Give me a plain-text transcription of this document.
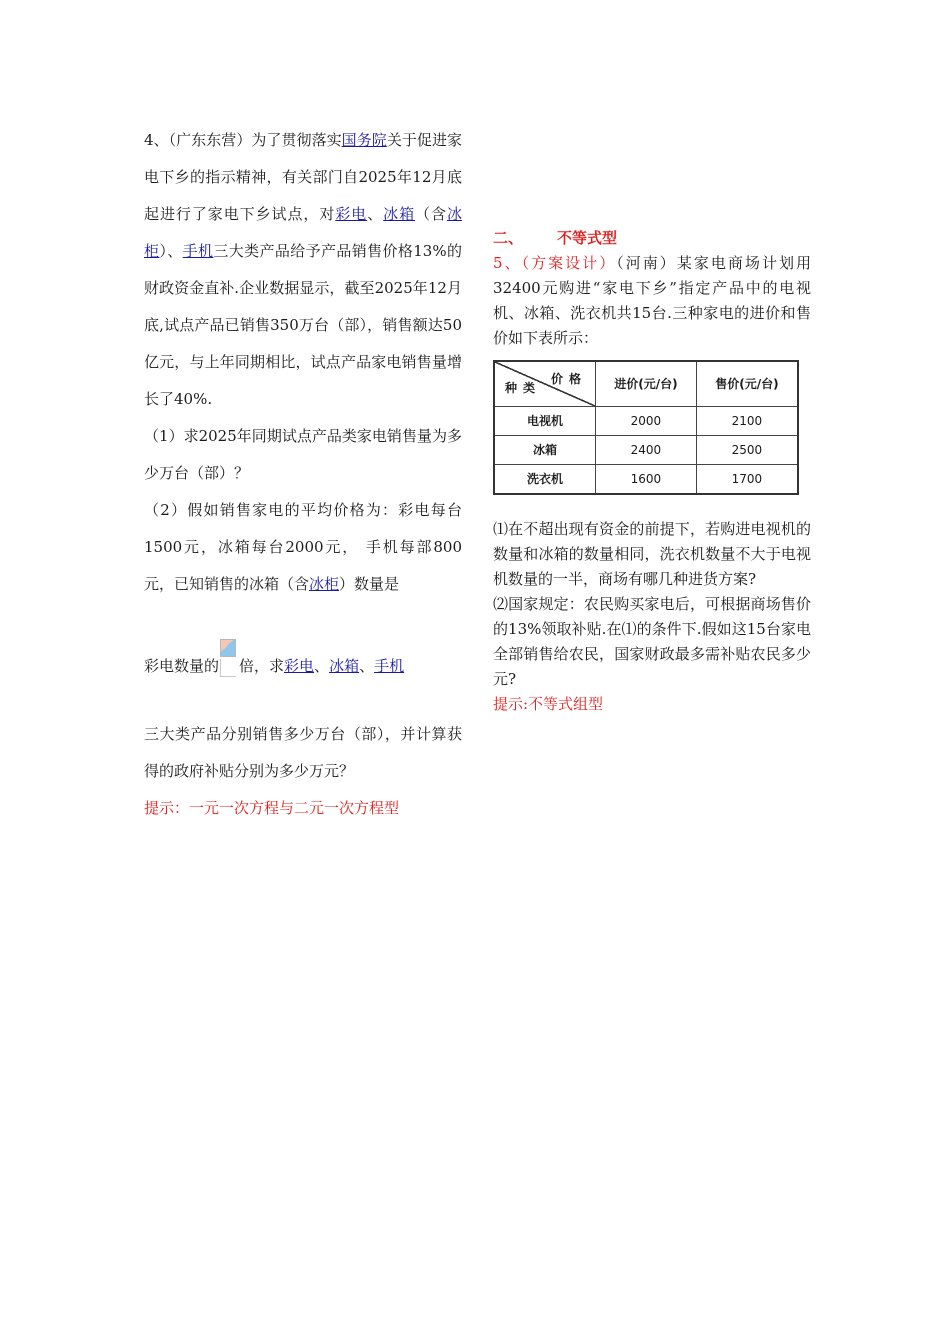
4、（广东东营）为了贯彻落实国务院关于促进家电下乡的指示精神，有关部门自2025年12月底起进行了家电下乡试点，对彩电、冰箱（含冰柜）、手机三大类产品给予产品销售价格13%的财政资金直补.企业数据显示，截至2025年12月底,试点产品已销售350万台（部），销售额达50亿元，与上年同期相比，试点产品家电销售量增长了40%.

（1）求2025年同期试点产品类家电销售量为多少万台（部）？

（2）假如销售家电的平均价格为：彩电每台1500元，冰箱每台2000元， 手机每部800元，已知销售的冰箱（含冰柜）数量是

彩电数量的 倍，求彩电、冰箱、手机

三大类产品分别销售多少万台（部），并计算获得的政府补贴分别为多少万元？

提示：一元一次方程与二元一次方程型

二、 不等式型

5、（方案设计）（河南）某家电商场计划用32400元购进“家电下乡”指定产品中的电视机、冰箱、洗衣机共15台.三种家电的进价和售价如下表所示：

价格
种类	进价(元/台)	售价(元/台)
电视机	2000	2100
冰箱	2400	2500
洗衣机	1600	1700

⑴在不超出现有资金的前提下，若购进电视机的数量和冰箱的数量相同，洗衣机数量不大于电视机数量的一半，商场有哪几种进货方案?

⑵国家规定：农民购买家电后，可根据商场售价的13%领取补贴.在⑴的条件下.假如这15台家电全部销售给农民，国家财政最多需补贴农民多少元?

提示:不等式组型
